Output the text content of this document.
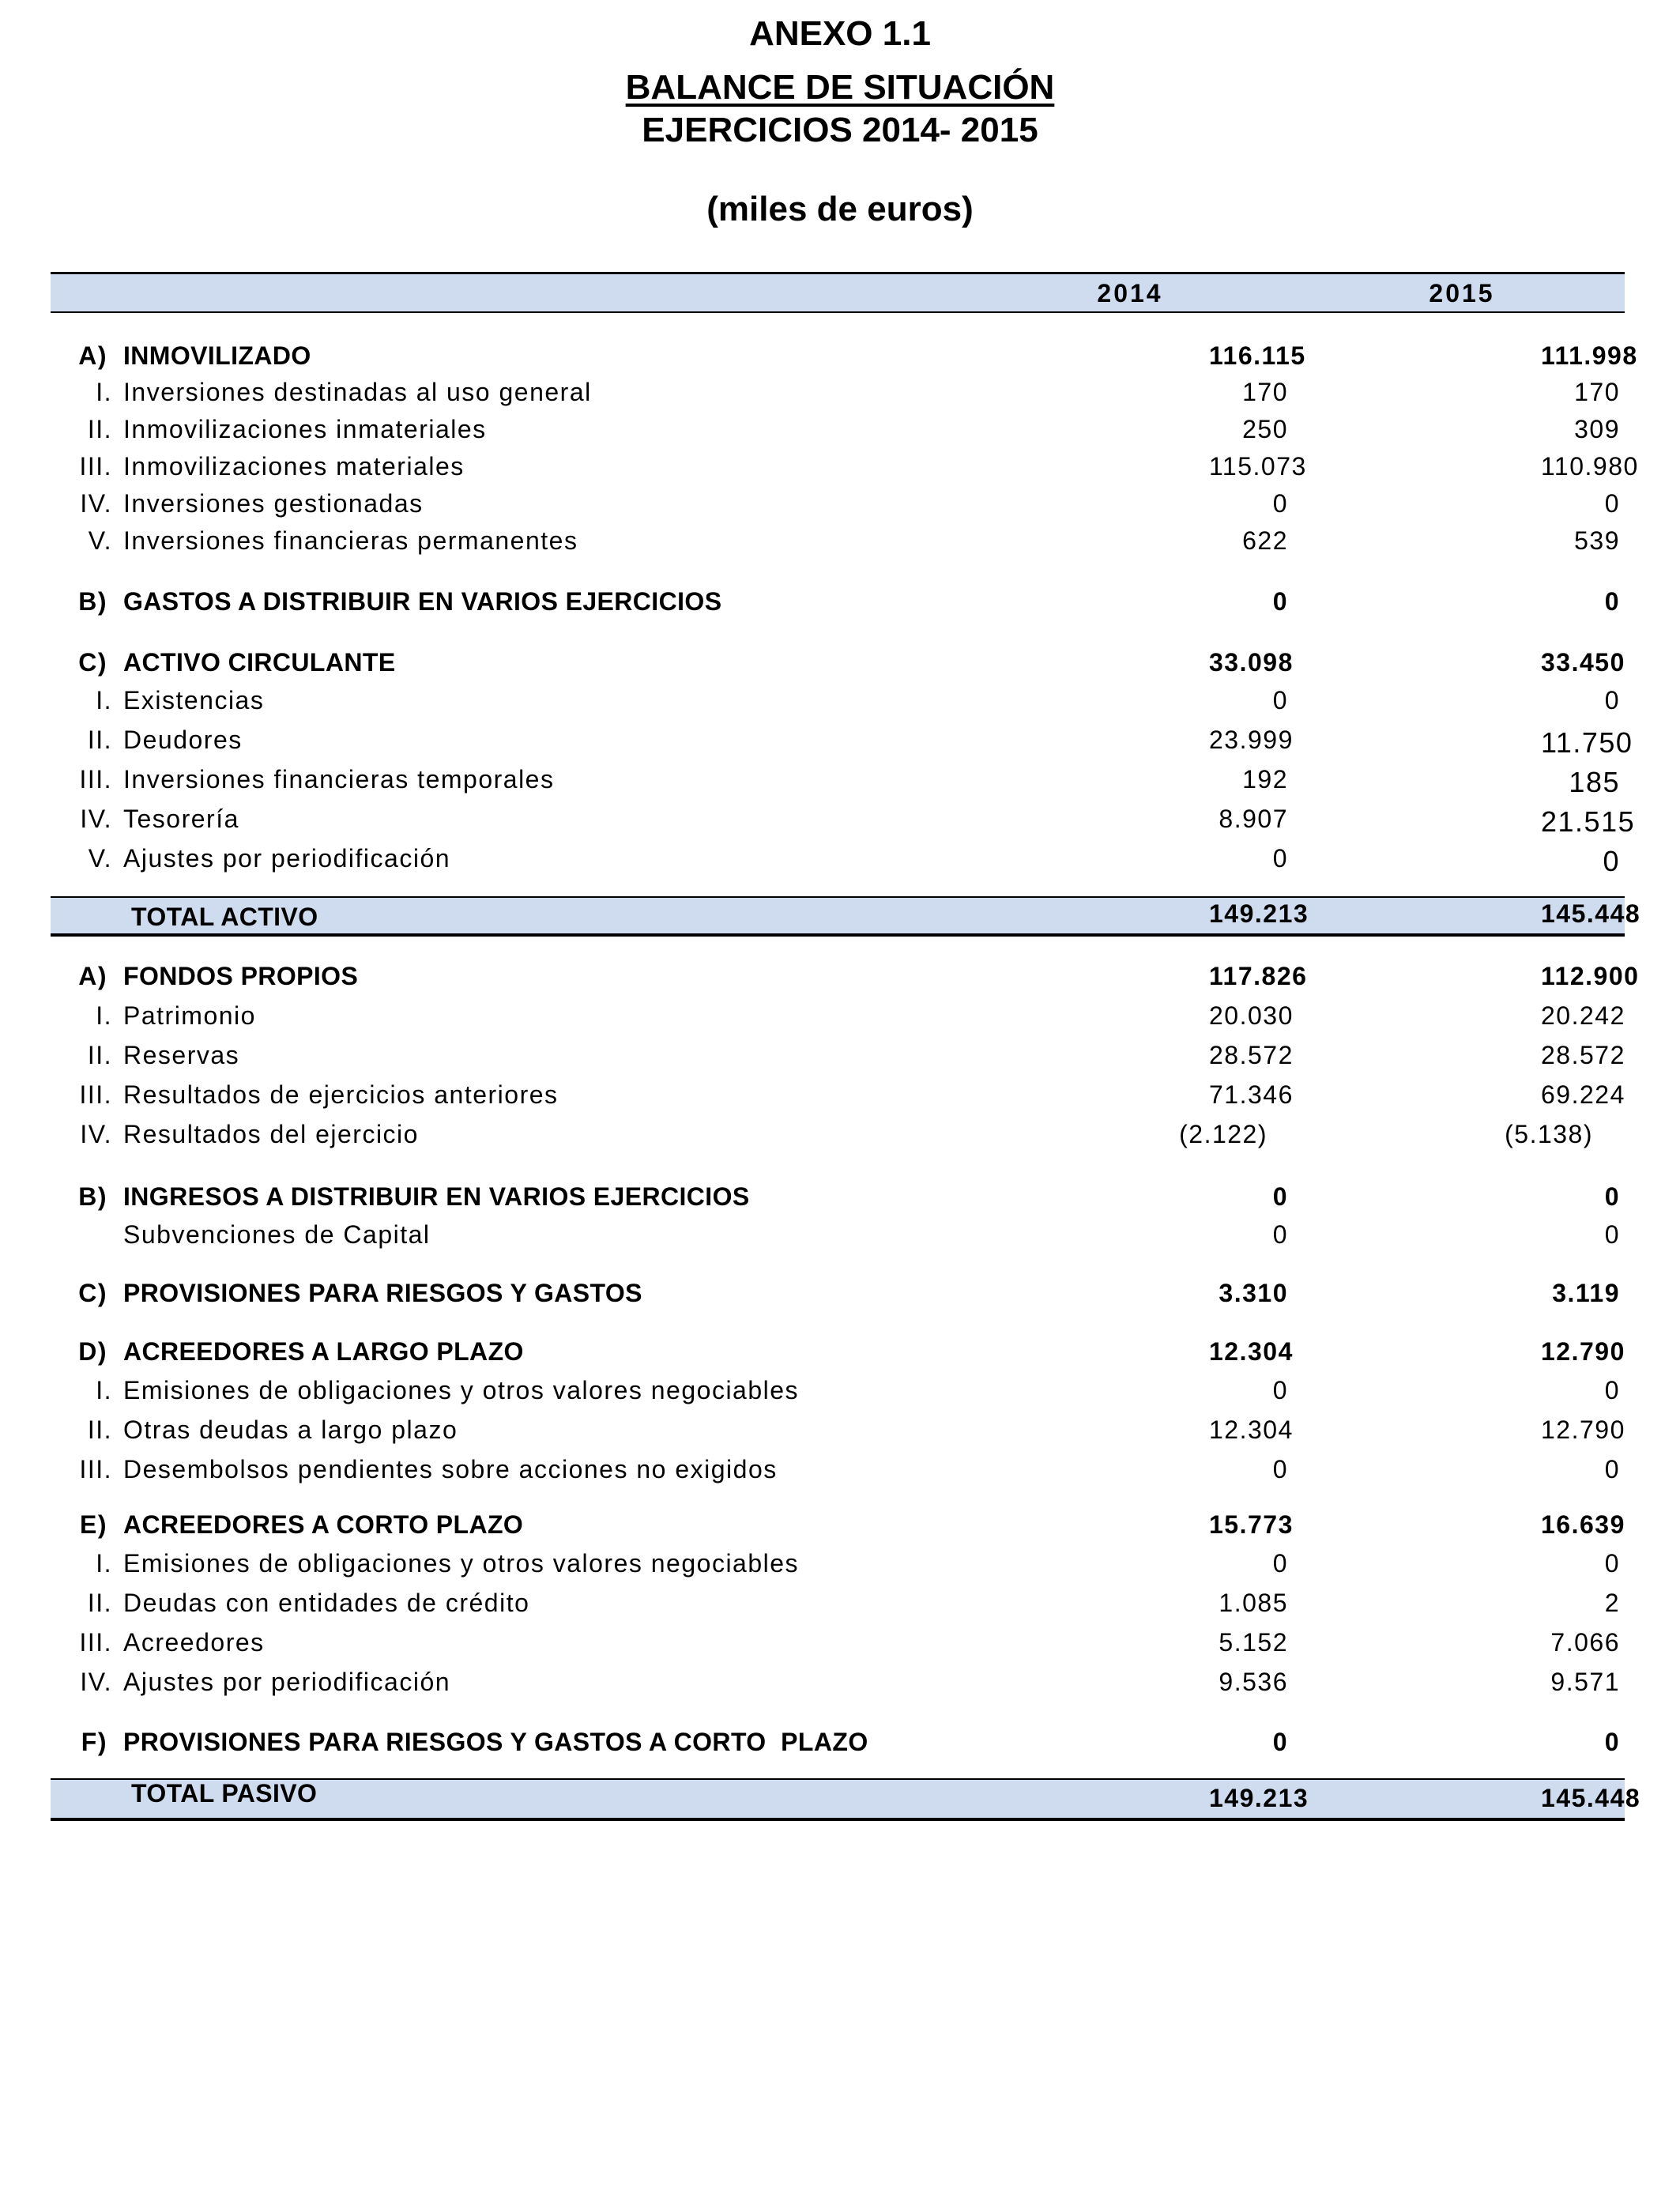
ANEXO 1.1
BALANCE DE SITUACIÓN
EJERCICIOS 2014- 2015
(miles de euros)
2014	2015
A) INMOVILIZADO	116.115	111.998
I. Inversiones destinadas al uso general	170	170
II. Inmovilizaciones inmateriales	250	309
III. Inmovilizaciones materiales	115.073	110.980
IV. Inversiones gestionadas	0	0
V. Inversiones financieras permanentes	622	539
B) GASTOS A DISTRIBUIR EN VARIOS EJERCICIOS	0	0
C) ACTIVO CIRCULANTE	33.098	33.450
I. Existencias	0	0
II. Deudores	23.999	11.750
III. Inversiones financieras temporales	192	185
IV. Tesorería	8.907	21.515
V. Ajustes por periodificación	0	0
TOTAL ACTIVO	149.213	145.448
A) FONDOS PROPIOS	117.826	112.900
I. Patrimonio	20.030	20.242
II. Reservas	28.572	28.572
III. Resultados de ejercicios anteriores	71.346	69.224
IV. Resultados del ejercicio	(2.122)	(5.138)
B) INGRESOS A DISTRIBUIR EN VARIOS EJERCICIOS	0	0
Subvenciones de Capital	0	0
C) PROVISIONES PARA RIESGOS Y GASTOS	3.310	3.119
D) ACREEDORES A LARGO PLAZO	12.304	12.790
I. Emisiones de obligaciones y otros valores negociables	0	0
II. Otras deudas a largo plazo	12.304	12.790
III. Desembolsos pendientes sobre acciones no exigidos	0	0
E) ACREEDORES A CORTO PLAZO	15.773	16.639
I. Emisiones de obligaciones y otros valores negociables	0	0
II. Deudas con entidades de crédito	1.085	2
III. Acreedores	5.152	7.066
IV. Ajustes por periodificación	9.536	9.571
F) PROVISIONES PARA RIESGOS Y GASTOS A CORTO  PLAZO	0	0
TOTAL PASIVO	149.213	145.448
